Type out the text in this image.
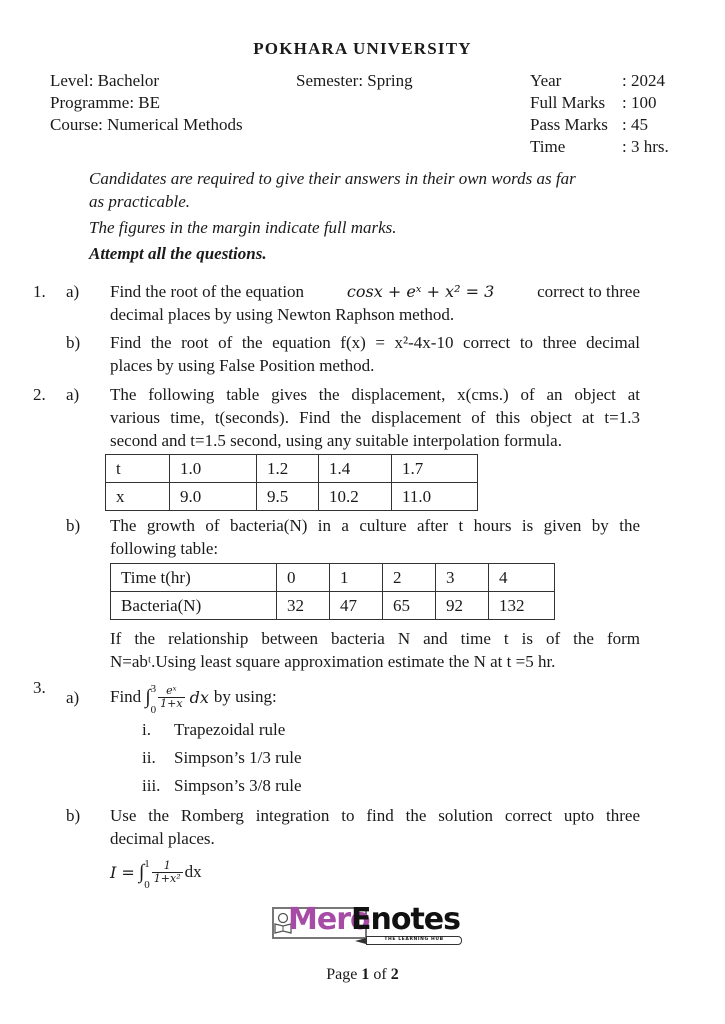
POKHARA UNIVERSITY
Level: Bachelor
Programme: BE
Course: Numerical Methods
Semester: Spring	Year	: 2024
Full Marks : 100
Pass Marks : 45
Time	: 3 hrs.
Candidates are required to give their answers in their own words as far
as practicable.
The figures in the margin indicate full marks.
Attempt all the questions.
1. a) Find the root of the equation	cosx + eˣ + x² = 3	correct to three
decimal places by using Newton Raphson method.
b) Find the root of the equation f(x) = x²-4x-10 correct to three decimal
places by using False Position method.
2. a) The following table gives the displacement, x(cms.) of an object at
various time, t(seconds). Find the displacement of this object at t=1.3
second and t=1.5 second, using any suitable interpolation formula.
t	1.0	1.2	1.4	1.7
x	9.0	9.5	10.2	11.0
b) The growth of bacteria(N) in a culture after t hours is given by the
following table:
Time t(hr)	0	1	2	3	4
Bacteria(N)	32	47	65	92	132
If the relationship between bacteria N and time t is of the form
N=abᵗ.Using least square approximation estimate the N at t =5 hr.
3.
a) Find ∫ 3
0
$\frac{\text{eˣ}}{1+x}$ dx by using:
i. Trapezoidal rule
ii. Simpson’s 1/3 rule
iii. Simpson’s 3/8 rule
b) Use the Romberg integration to find the solution correct upto three
decimal places.
I = ∫ 1
0
$\frac{1}{\text{1+x²}}$ dx
Mero
Enotes
THE LEARNING HUB
Page 1 of 2
